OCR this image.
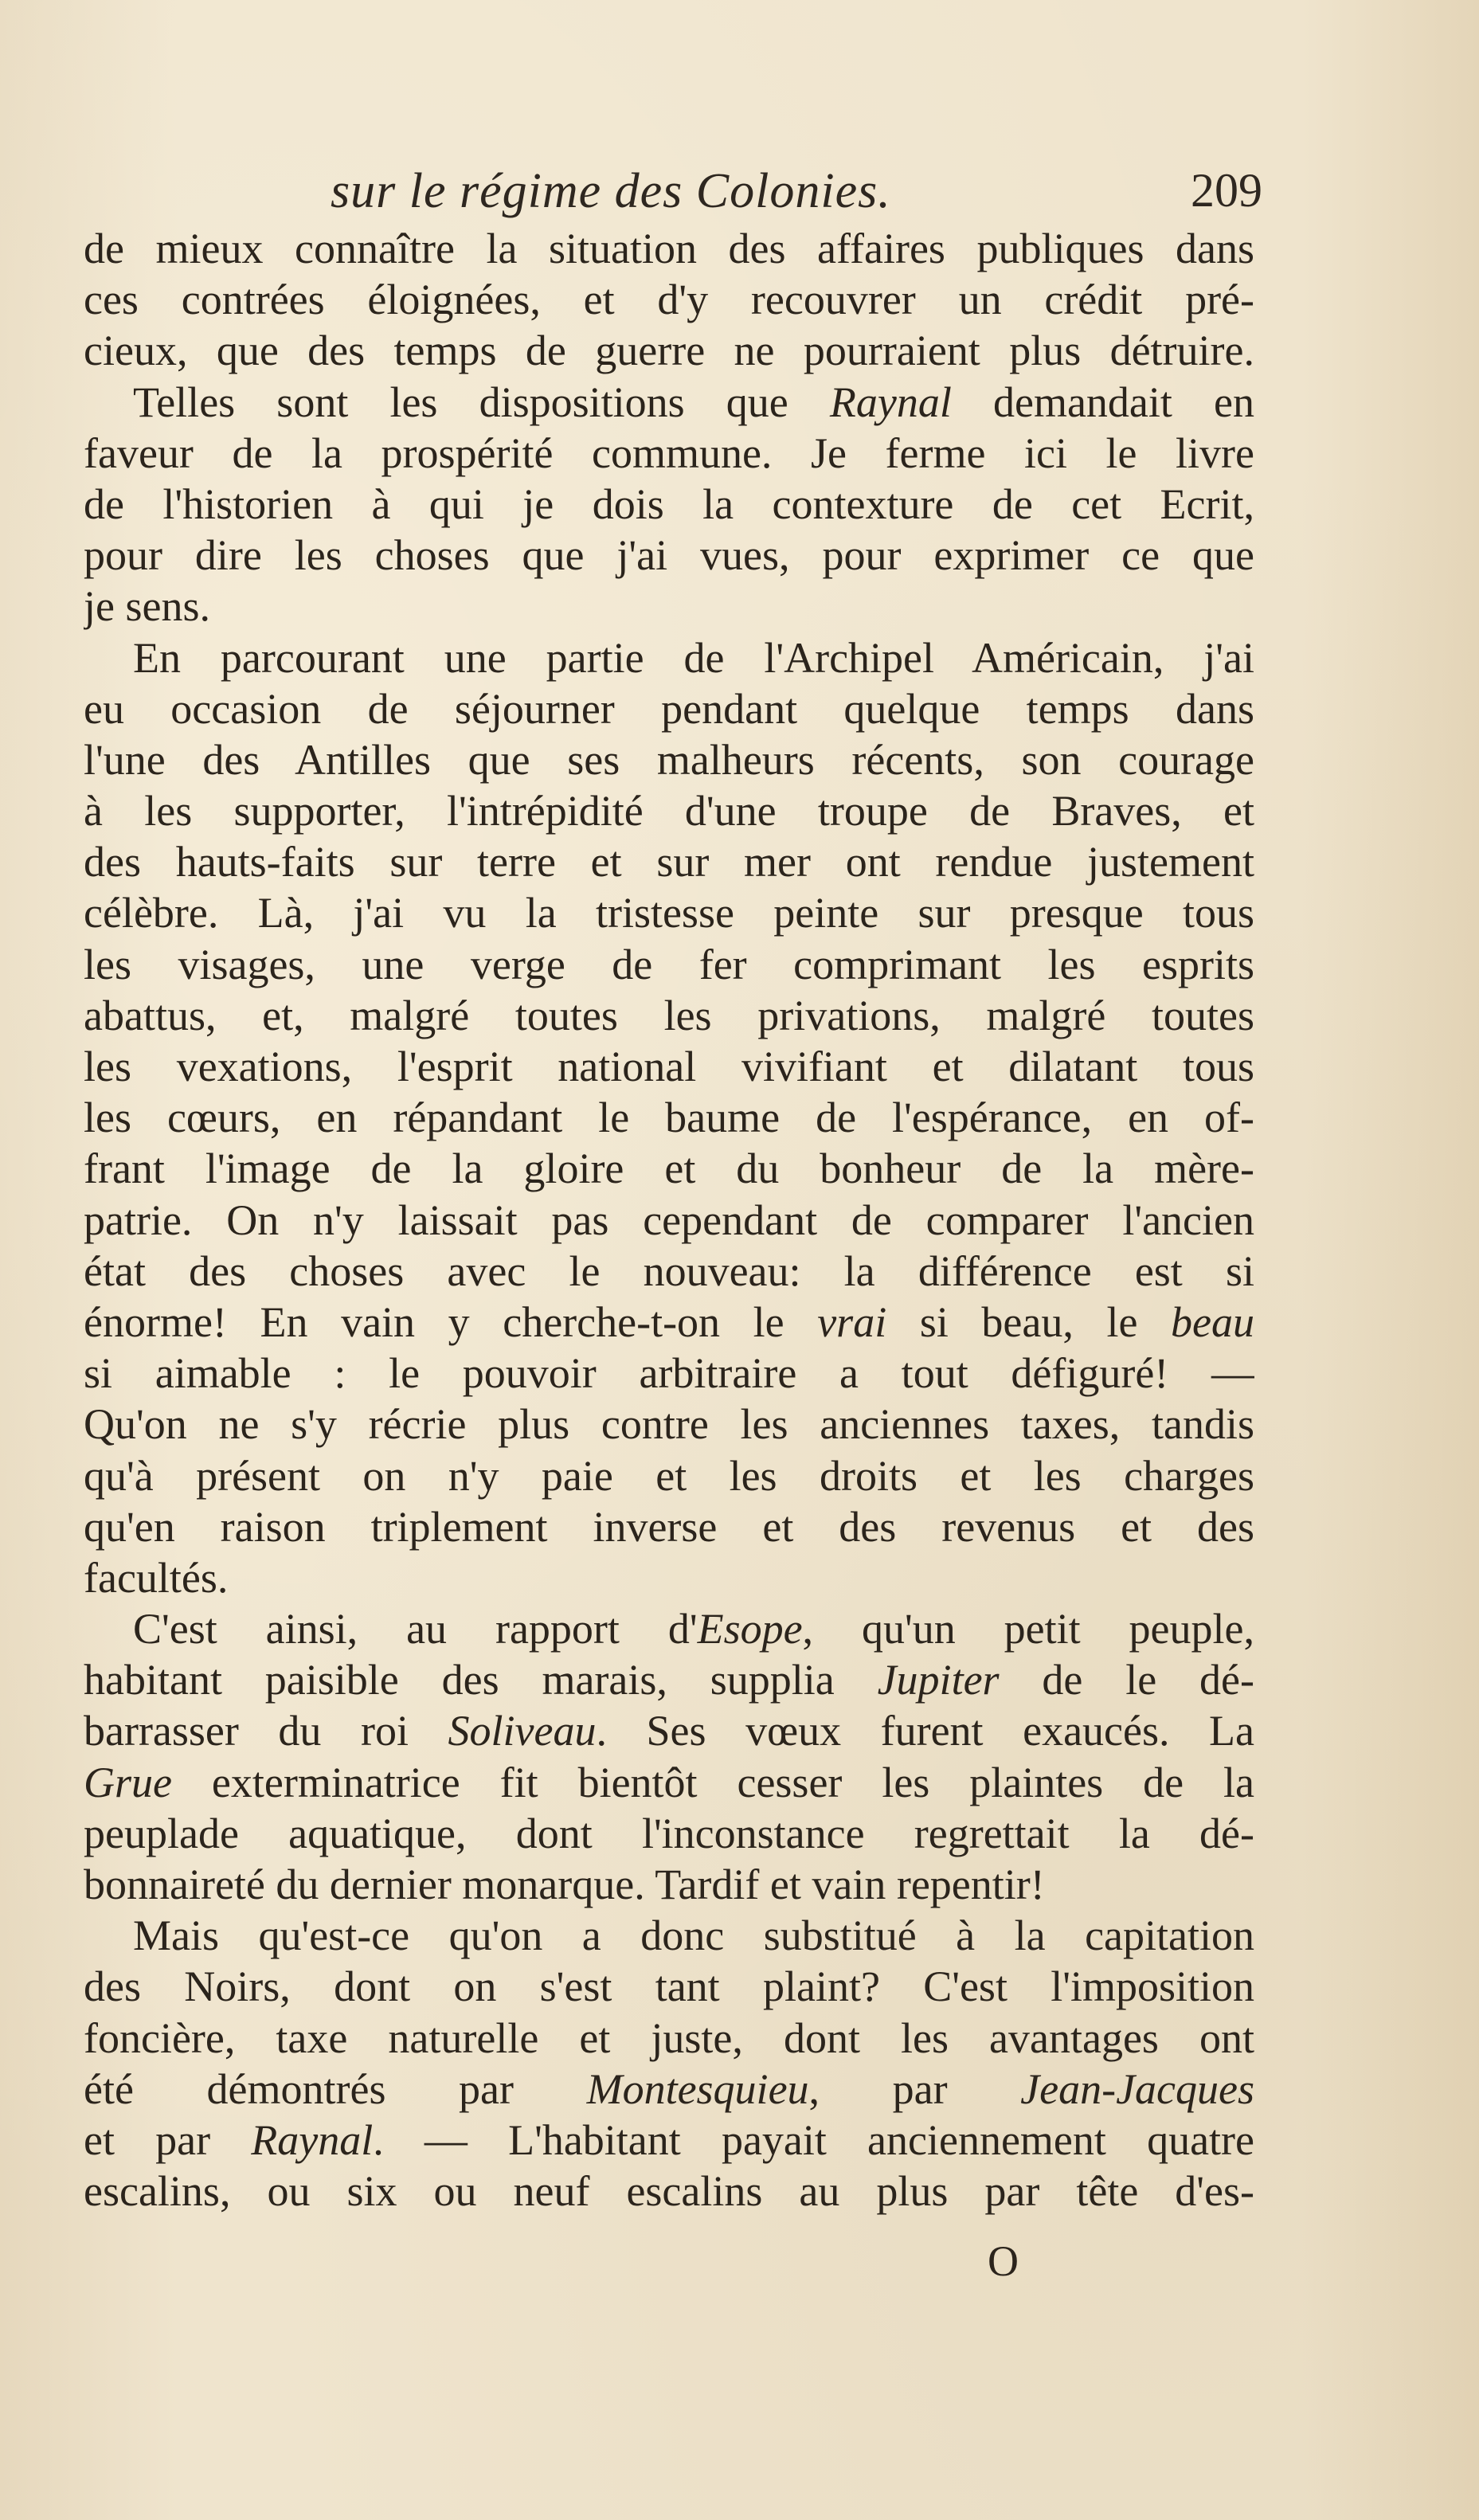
sur le régime des Colonies.	209
de mieux connaître la situation des affaires publiques dans
ces contrées éloignées, et d'y recouvrer un crédit pré-
cieux, que des temps de guerre ne pourraient plus détruire.
Telles sont les dispositions que Raynal demandait en
faveur de la prospérité commune. Je ferme ici le livre
de l'historien à qui je dois la contexture de cet Ecrit,
pour dire les choses que j'ai vues, pour exprimer ce que
je sens.
En parcourant une partie de l'Archipel Américain, j'ai
eu occasion de séjourner pendant quelque temps dans
l'une des Antilles que ses malheurs récents, son courage
à les supporter, l'intrépidité d'une troupe de Braves, et
des hauts-faits sur terre et sur mer ont rendue justement
célèbre. Là, j'ai vu la tristesse peinte sur presque tous
les visages, une verge de fer comprimant les esprits
abattus, et, malgré toutes les privations, malgré toutes
les vexations, l'esprit national vivifiant et dilatant tous
les cœurs, en répandant le baume de l'espérance, en of-
frant l'image de la gloire et du bonheur de la mère-
patrie. On n'y laissait pas cependant de comparer l'ancien
état des choses avec le nouveau: la différence est si
énorme! En vain y cherche-t-on le vrai si beau, le beau
si aimable : le pouvoir arbitraire a tout défiguré! —
Qu'on ne s'y récrie plus contre les anciennes taxes, tandis
qu'à présent on n'y paie et les droits et les charges
qu'en raison triplement inverse et des revenus et des
facultés.
C'est ainsi, au rapport d'Esope, qu'un petit peuple,
habitant paisible des marais, supplia Jupiter de le dé-
barrasser du roi Soliveau. Ses vœux furent exaucés. La
Grue exterminatrice fit bientôt cesser les plaintes de la
peuplade aquatique, dont l'inconstance regrettait la dé-
bonnaireté du dernier monarque. Tardif et vain repentir!
Mais qu'est-ce qu'on a donc substitué à la capitation
des Noirs, dont on s'est tant plaint? C'est l'imposition
foncière, taxe naturelle et juste, dont les avantages ont
été démontrés par Montesquieu, par Jean-Jacques
et par Raynal. — L'habitant payait anciennement quatre
escalins, ou six ou neuf escalins au plus par tête d'es-
O
